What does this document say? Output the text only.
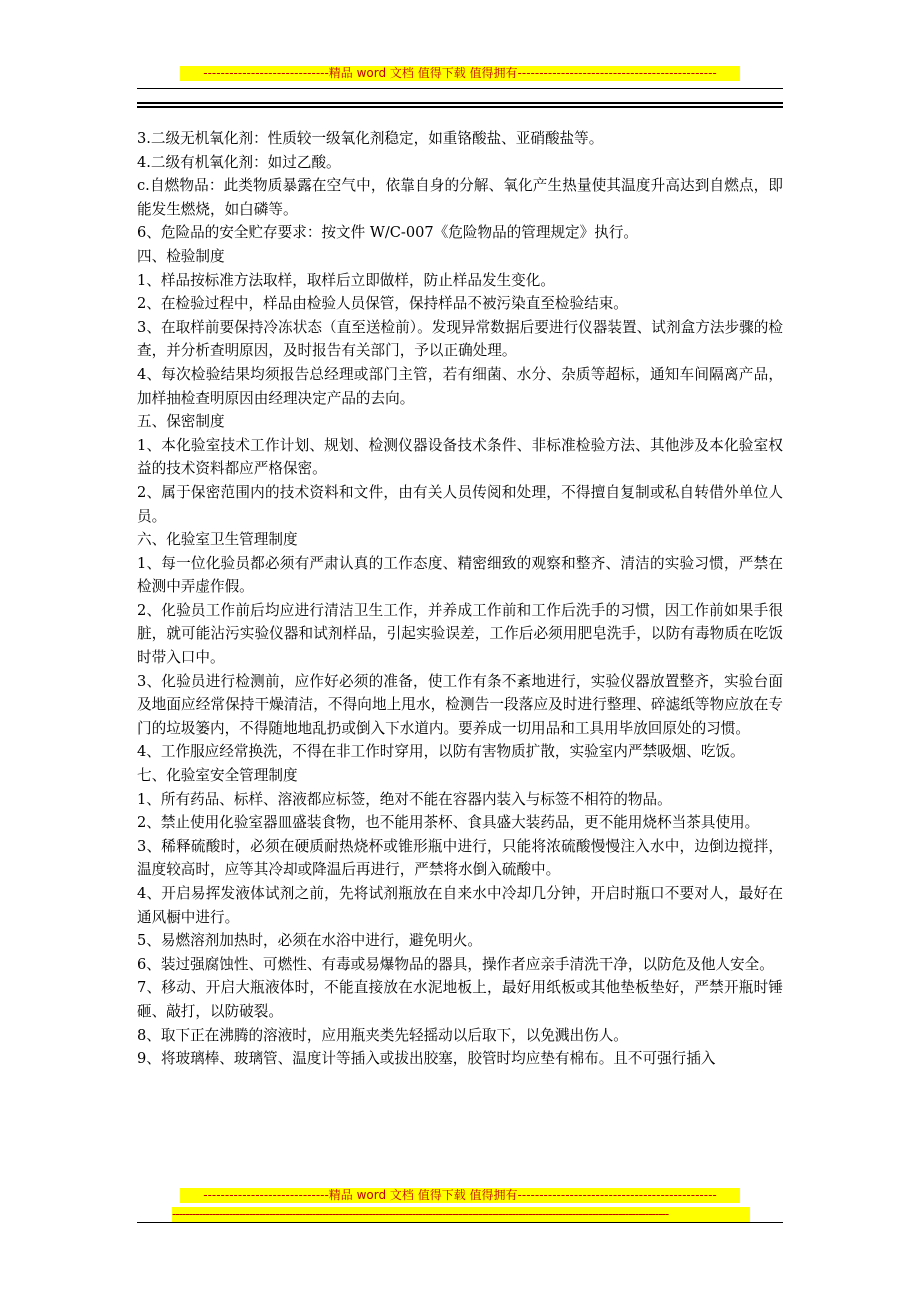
-----------------------------精品 word 文档 值得下载 值得拥有----------------------------------------------

3.二级无机氧化剂：性质较一级氧化剂稳定，如重铬酸盐、亚硝酸盐等。

4.二级有机氧化剂：如过乙酸。

c.自燃物品：此类物质暴露在空气中，依靠自身的分解、氧化产生热量使其温度升高达到自燃点，即能发生燃烧，如白磷等。

6、危险品的安全贮存要求：按文件 W/C-007《危险物品的管理规定》执行。

四、检验制度

1、样品按标准方法取样，取样后立即做样，防止样品发生变化。

2、在检验过程中，样品由检验人员保管，保持样品不被污染直至检验结束。

3、在取样前要保持冷冻状态（直至送检前）。发现异常数据后要进行仪器装置、试剂盒方法步骤的检查，并分析查明原因，及时报告有关部门，予以正确处理。

4、每次检验结果均须报告总经理或部门主管，若有细菌、水分、杂质等超标，通知车间隔离产品，加样抽检查明原因由经理决定产品的去向。

五、保密制度

1、本化验室技术工作计划、规划、检测仪器设备技术条件、非标准检验方法、其他涉及本化验室权益的技术资料都应严格保密。

2、属于保密范围内的技术资料和文件，由有关人员传阅和处理，不得擅自复制或私自转借外单位人员。

六、化验室卫生管理制度

1、每一位化验员都必须有严肃认真的工作态度、精密细致的观察和整齐、清洁的实验习惯，严禁在检测中弄虚作假。

2、化验员工作前后均应进行清洁卫生工作，并养成工作前和工作后洗手的习惯，因工作前如果手很脏，就可能沾污实验仪器和试剂样品，引起实验误差，工作后必须用肥皂洗手，以防有毒物质在吃饭时带入口中。

3、化验员进行检测前，应作好必须的准备，使工作有条不紊地进行，实验仪器放置整齐，实验台面及地面应经常保持干燥清洁，不得向地上甩水，检测告一段落应及时进行整理、碎滤纸等物应放在专门的垃圾篓内，不得随地地乱扔或倒入下水道内。要养成一切用品和工具用毕放回原处的习惯。

4、工作服应经常换洗，不得在非工作时穿用，以防有害物质扩散，实验室内严禁吸烟、吃饭。

七、化验室安全管理制度

1、所有药品、标样、溶液都应标签，绝对不能在容器内装入与标签不相符的物品。

2、禁止使用化验室器皿盛装食物，也不能用茶杯、食具盛大装药品，更不能用烧杯当茶具使用。

3、稀释硫酸时，必须在硬质耐热烧杯或锥形瓶中进行，只能将浓硫酸慢慢注入水中，边倒边搅拌，温度较高时，应等其冷却或降温后再进行，严禁将水倒入硫酸中。

4、开启易挥发液体试剂之前，先将试剂瓶放在自来水中冷却几分钟，开启时瓶口不要对人，最好在通风橱中进行。

5、易燃溶剂加热时，必须在水浴中进行，避免明火。

6、装过强腐蚀性、可燃性、有毒或易爆物品的器具，操作者应亲手清洗干净，以防危及他人安全。

7、移动、开启大瓶液体时，不能直接放在水泥地板上，最好用纸板或其他垫板垫好，严禁开瓶时锤砸、敲打，以防破裂。

8、取下正在沸腾的溶液时，应用瓶夹类先轻摇动以后取下，以免溅出伤人。

9、将玻璃棒、玻璃管、温度计等插入或拔出胶塞，胶管时均应垫有棉布。且不可强行插入

-----------------------------精品 word 文档 值得下载 值得拥有----------------------------------------------
-----------------------------------------------------------------------------------------------------------------------------------------------------
